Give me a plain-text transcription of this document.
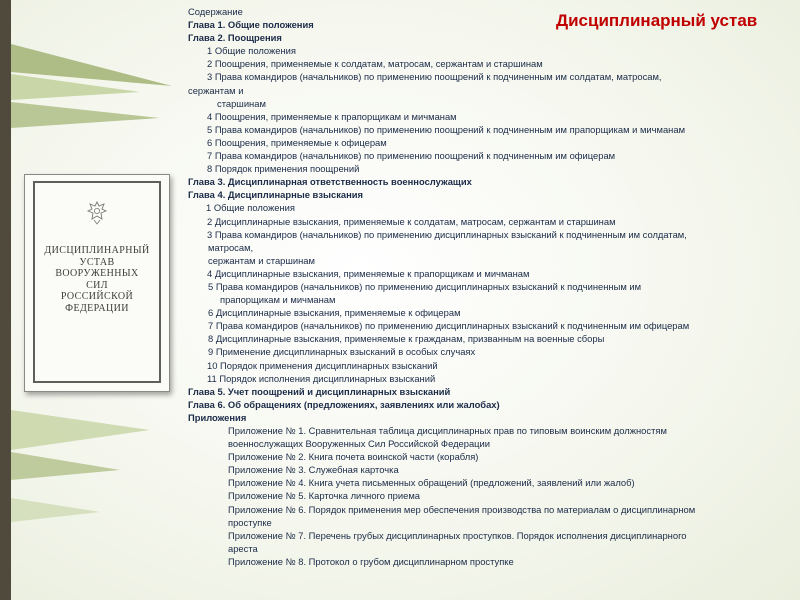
Дисциплинарный устав
ДИСЦИПЛИНАРНЫЙ
УСТАВ
ВООРУЖЕННЫХ
СИЛ
РОССИЙСКОЙ
ФЕДЕРАЦИИ
Содержание
Глава 1. Общие положения
Глава 2. Поощрения
1 Общие положения
2 Поощрения, применяемые к солдатам, матросам, сержантам и старшинам
3 Права командиров (начальников) по применению поощрений к подчиненным им солдатам, матросам,
сержантам и
старшинам
4 Поощрения, применяемые к прапорщикам и мичманам
5 Права командиров (начальников) по применению поощрений к подчиненным им прапорщикам и мичманам
6 Поощрения, применяемые к офицерам
7 Права командиров (начальников) по применению поощрений к подчиненным им офицерам
8 Порядок применения поощрений
Глава 3. Дисциплинарная ответственность военнослужащих
Глава 4. Дисциплинарные взыскания
1 Общие положения
2 Дисциплинарные взыскания, применяемые к солдатам, матросам, сержантам и старшинам
3 Права командиров (начальников) по применению дисциплинарных взысканий к подчиненным им солдатам,
матросам,
сержантам и старшинам
4 Дисциплинарные взыскания, применяемые к прапорщикам и мичманам
5 Права командиров (начальников) по применению дисциплинарных взысканий к подчиненным им
прапорщикам и мичманам
6 Дисциплинарные взыскания, применяемые к офицерам
7 Права командиров (начальников) по применению дисциплинарных взысканий к подчиненным им офицерам
8 Дисциплинарные взыскания, применяемые к гражданам, призванным на военные сборы
9 Применение дисциплинарных взысканий в особых случаях
10 Порядок применения дисциплинарных взысканий
11 Порядок исполнения дисциплинарных взысканий
Глава 5. Учет поощрений и дисциплинарных взысканий
Глава 6. Об обращениях (предложениях, заявлениях или жалобах)
Приложения
Приложение № 1. Сравнительная таблица дисциплинарных прав по типовым воинским должностям
военнослужащих Вооруженных Сил Российской Федерации
Приложение № 2. Книга почета воинской части (корабля)
Приложение № 3. Служебная карточка
Приложение № 4. Книга учета письменных обращений (предложений, заявлений или жалоб)
Приложение № 5. Карточка личного приема
Приложение № 6. Порядок применения мер обеспечения производства по материалам о дисциплинарном
проступке
Приложение № 7. Перечень грубых дисциплинарных проступков. Порядок исполнения дисциплинарного
ареста
Приложение № 8. Протокол о грубом дисциплинарном проступке
